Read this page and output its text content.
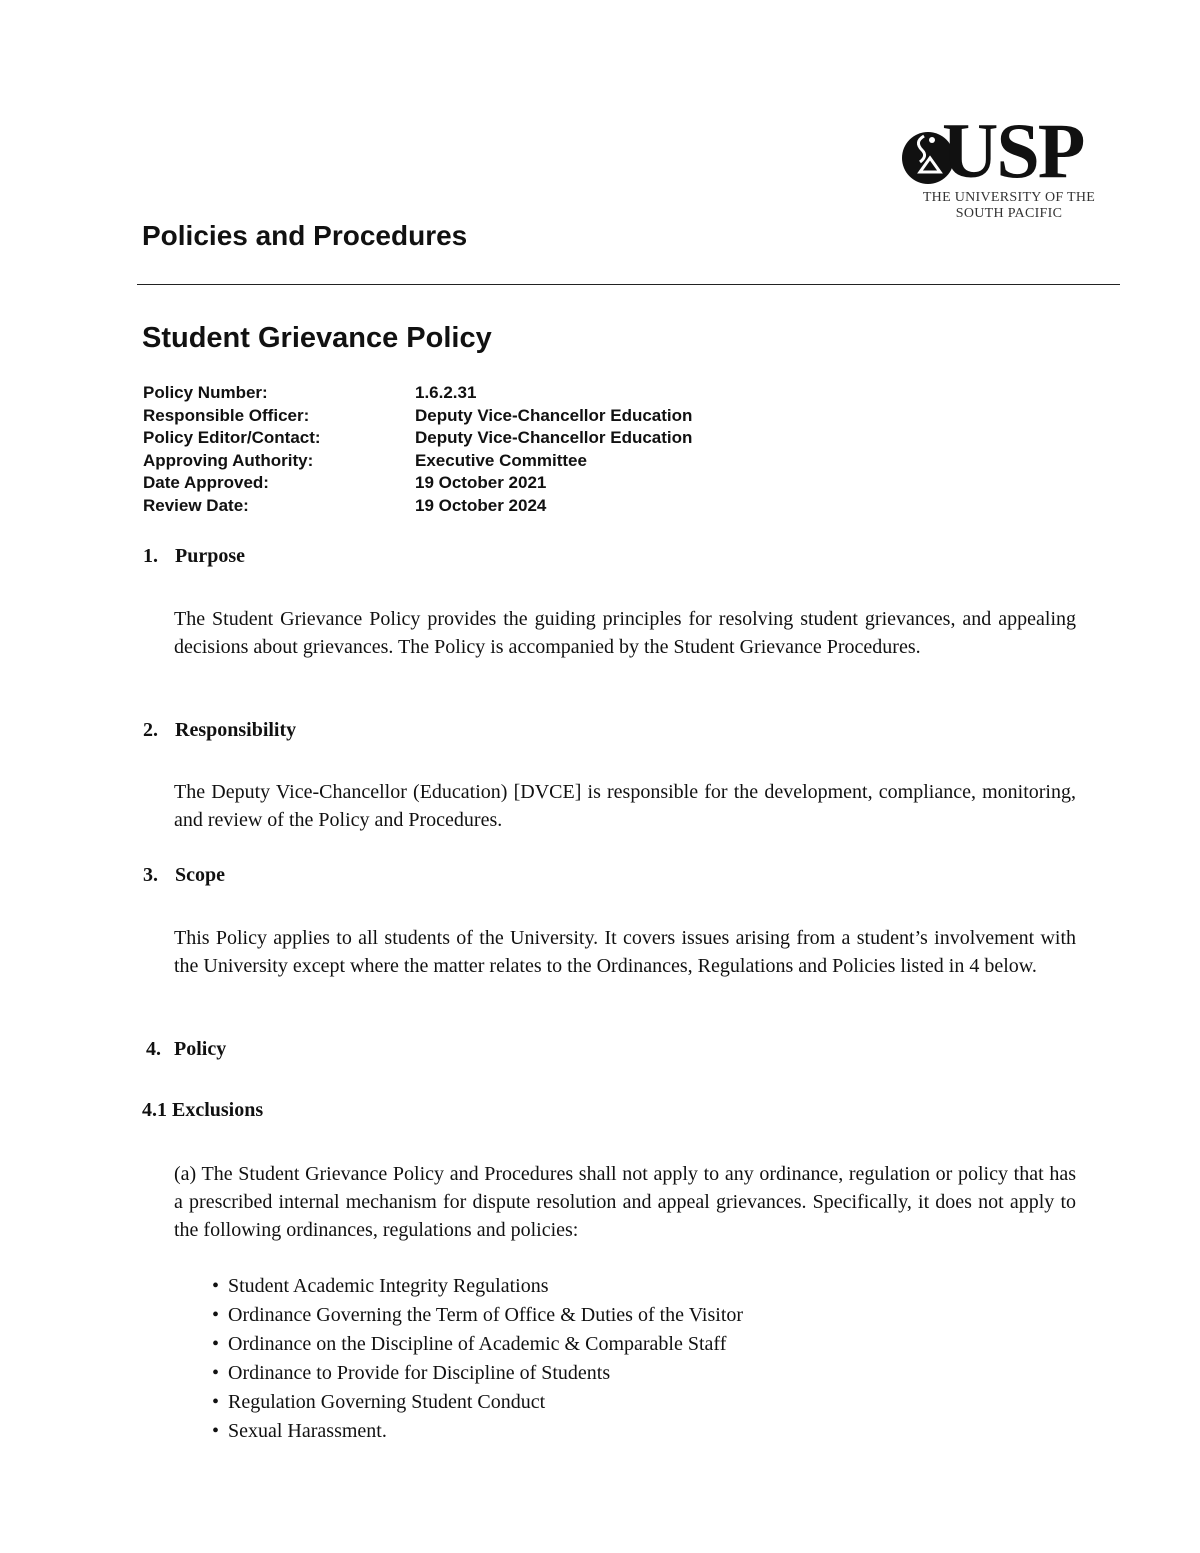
USP
THE UNIVERSITY OF THE
SOUTH PACIFIC
Policies and Procedures
Student Grievance Policy
Policy Number:	1.6.2.31
Responsible Officer:	Deputy Vice-Chancellor Education
Policy Editor/Contact:	Deputy Vice-Chancellor Education
Approving Authority:	Executive Committee
Date Approved:	19 October 2021
Review Date:	19 October 2024
1. Purpose

The Student Grievance Policy provides the guiding principles for resolving student grievances, and appealing decisions about grievances. The Policy is accompanied by the Student Grievance Procedures.

2. Responsibility

The Deputy Vice-Chancellor (Education) [DVCE] is responsible for the development, compliance, monitoring, and review of the Policy and Procedures.

3. Scope

This Policy applies to all students of the University. It covers issues arising from a student’s involvement with the University except where the matter relates to the Ordinances, Regulations and Policies listed in 4 below.

4. Policy
4.1 Exclusions

(a) The Student Grievance Policy and Procedures shall not apply to any ordinance, regulation or policy that has a prescribed internal mechanism for dispute resolution and appeal grievances. Specifically, it does not apply to the following ordinances, regulations and policies:

• Student Academic Integrity Regulations
• Ordinance Governing the Term of Office & Duties of the Visitor
• Ordinance on the Discipline of Academic & Comparable Staff
• Ordinance to Provide for Discipline of Students
• Regulation Governing Student Conduct
• Sexual Harassment.
